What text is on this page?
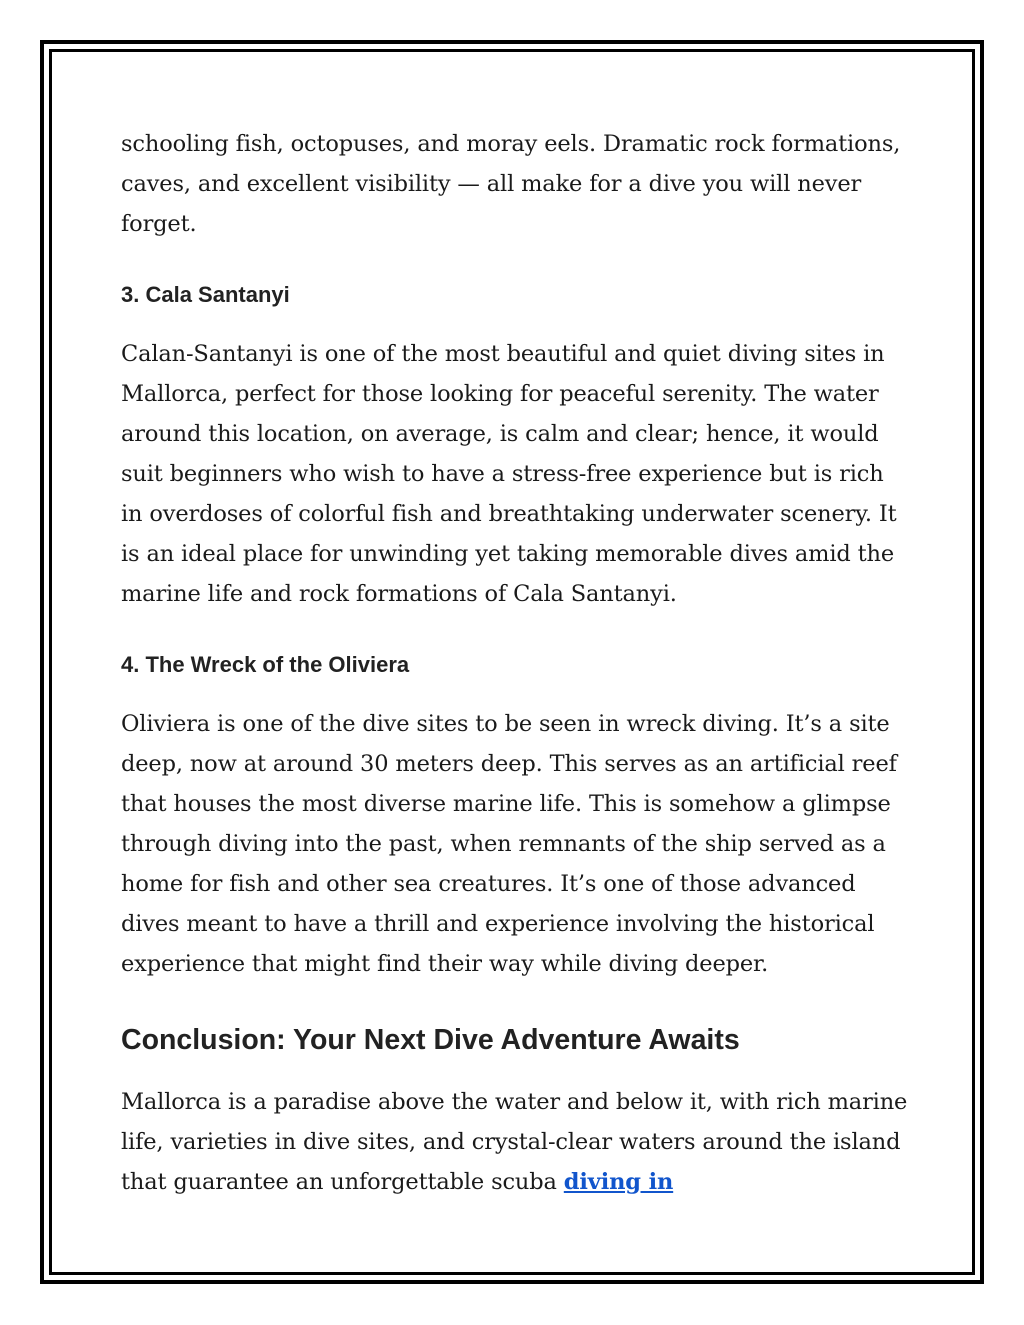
schooling fish, octopuses, and moray eels. Dramatic rock formations, caves, and excellent visibility — all make for a dive you will never forget.

3. Cala Santanyi

Calan-Santanyi is one of the most beautiful and quiet diving sites in Mallorca, perfect for those looking for peaceful serenity. The water around this location, on average, is calm and clear; hence, it would suit beginners who wish to have a stress-free experience but is rich in overdoses of colorful fish and breathtaking underwater scenery. It is an ideal place for unwinding yet taking memorable dives amid the marine life and rock formations of Cala Santanyi.

4. The Wreck of the Oliviera

Oliviera is one of the dive sites to be seen in wreck diving. It’s a site deep, now at around 30 meters deep. This serves as an artificial reef that houses the most diverse marine life. This is somehow a glimpse through diving into the past, when remnants of the ship served as a home for fish and other sea creatures. It’s one of those advanced dives meant to have a thrill and experience involving the historical experience that might find their way while diving deeper.

Conclusion: Your Next Dive Adventure Awaits

Mallorca is a paradise above the water and below it, with rich marine life, varieties in dive sites, and crystal-clear waters around the island that guarantee an unforgettable scuba diving in
